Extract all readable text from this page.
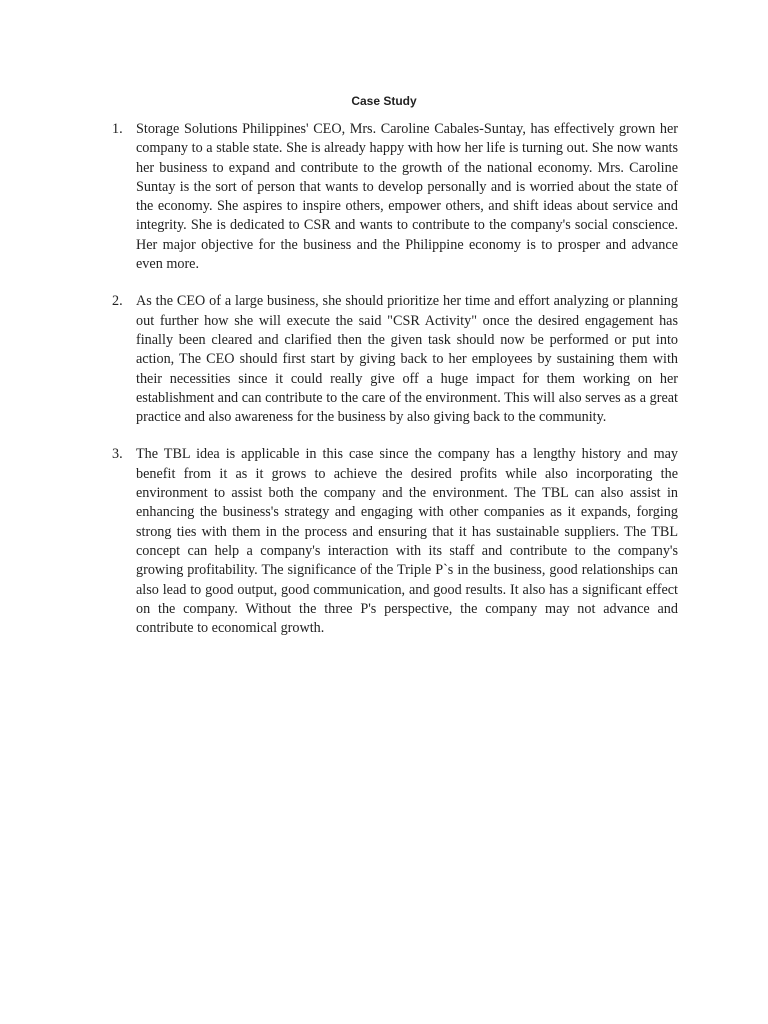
Case Study
1. Storage Solutions Philippines' CEO, Mrs. Caroline Cabales-Suntay, has effectively grown her company to a stable state. She is already happy with how her life is turning out. She now wants her business to expand and contribute to the growth of the national economy. Mrs. Caroline Suntay is the sort of person that wants to develop personally and is worried about the state of the economy. She aspires to inspire others, empower others, and shift ideas about service and integrity. She is dedicated to CSR and wants to contribute to the company's social conscience. Her major objective for the business and the Philippine economy is to prosper and advance even more.
2. As the CEO of a large business, she should prioritize her time and effort analyzing or planning out further how she will execute the said "CSR Activity" once the desired engagement has finally been cleared and clarified then the given task should now be performed or put into action, The CEO should first start by giving back to her employees by sustaining them with their necessities since it could really give off a huge impact for them working on her establishment and can contribute to the care of the environment. This will also serves as a great practice and also awareness for the business by also giving back to the community.
3. The TBL idea is applicable in this case since the company has a lengthy history and may benefit from it as it grows to achieve the desired profits while also incorporating the environment to assist both the company and the environment. The TBL can also assist in enhancing the business's strategy and engaging with other companies as it expands, forging strong ties with them in the process and ensuring that it has sustainable suppliers. The TBL concept can help a company's interaction with its staff and contribute to the company's growing profitability. The significance of the Triple P`s in the business, good relationships can also lead to good output, good communication, and good results. It also has a significant effect on the company. Without the three P's perspective, the company may not advance and contribute to economical growth.
